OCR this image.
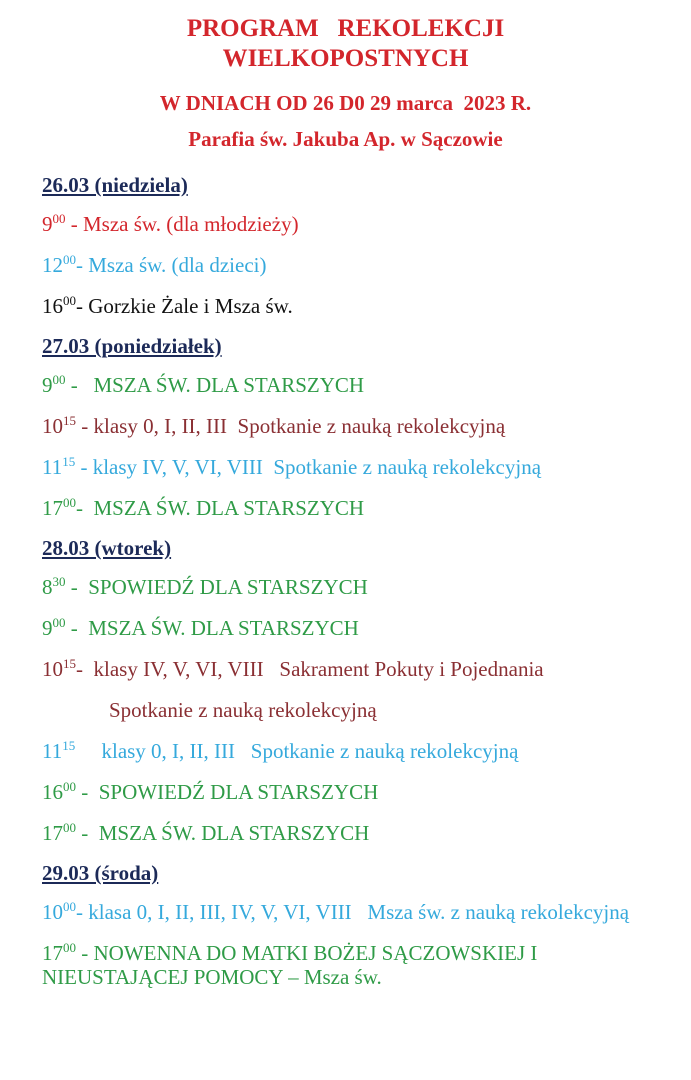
PROGRAM   REKOLEKCJI
WIELKOPOSTNYCH
W DNIACH OD 26 D0 29 marca  2023 R.
Parafia św. Jakuba Ap. w Sączowie
26.03 (niedziela)
$9^{00}$ - Msza św. (dla młodzieży)
$12^{00}-$ Msza św. (dla dzieci)
$16^{00}-$ Gorzkie Żale i Msza św.
27.03 (poniedziałek)
$9^{00}$ -   MSZA ŚW. DLA STARSZYCH
$10^{15}$ - klasy 0, I, II, III  Spotkanie z nauką rekolekcyjną
$11^{15}$ - klasy IV, V, VI, VIII  Spotkanie z nauką rekolekcyjną
$17^{00}-$  MSZA ŚW. DLA STARSZYCH
28.03 (wtorek)
$8^{30}$ -  SPOWIEDŹ DLA STARSZYCH
$9^{00}$ -  MSZA ŚW. DLA STARSZYCH
$10^{15}-$  klasy IV, V, VI, VIII   Sakrament Pokuty i Pojednania
Spotkanie z nauką rekolekcyjną
$11^{15}$     klasy 0, I, II, III   Spotkanie z nauką rekolekcyjną
$16^{00}$ -  SPOWIEDŹ DLA STARSZYCH
$17^{00}$ -  MSZA ŚW. DLA STARSZYCH
29.03 (środa)
$10^{00}-$ klasa 0, I, II, III, IV, V, VI, VIII   Msza św. z nauką rekolekcyjną
$17^{00}$ - NOWENNA DO MATKI BOŻEJ SĄCZOWSKIEJ I NIEUSTAJĄCEJ POMOCY – Msza św.
